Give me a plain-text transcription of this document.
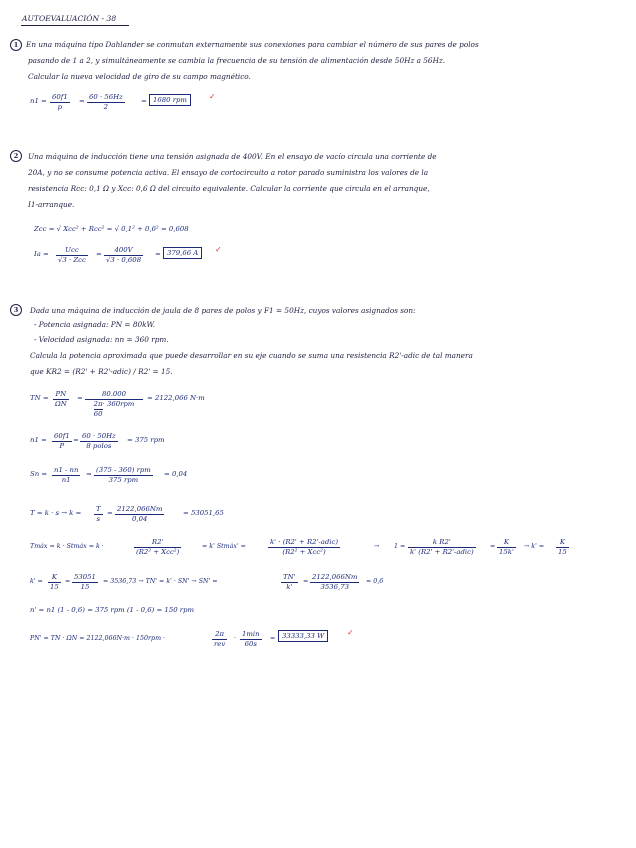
AUTOEVALUACIÓN - 38
1	En una máquina tipo Dahlander se conmutan externamente sus conexiones para cambiar el número de sus pares de polos
pasando de 1 a 2, y simultáneamente se cambia la frecuencia de su tensión de alimentación desde 50Hz a 56Hz.
Calcular la nueva velocidad de giro de su campo magnético.
$n1 = \frac{60f1}{p} = \frac{60 \cdot 56Hz}{2} = 1680$ rpm	✓
2	Una máquina de inducción tiene una tensión asignada de 400V. En el ensayo de vacío circula una corriente de
20A, y no se consume potencia activa. El ensayo de cortocircuito a rotor parado suministra los valores de la
resistencia Rcc: 0,1 Ω y Xcc: 0,6 Ω del circuito equivalente. Calcular la corriente que circula en el arranque,
I1-arranque.
Zcc = √ Xcc² + Rcc² = √ 0,1² + 0,6² = 0,608
Ia =	Ucc
√3 · Zcc
= $\frac{400V}{√3 \cdot 0,608} = 379,66$ A	✓
3	Dada una máquina de inducción de jaula de 8 pares de polos y F1 = 50Hz, cuyos valores asignados son:
- Potencia asignada: PN = 80kW.
- Velocidad asignada: nn = 360 rpm.
Calcula la potencia aproximada que puede desarrollar en su eje cuando se suma una resistencia R2'-adic de tal manera
que KR2 = (R2' + R2'-adic) / R2' = 15.
TN = $\frac{PN}{\Omega N}$ =	80.000
$\frac{2\pi}{60} \cdot 360rpm$
= 2122,066 N·m
$n1 = \frac{60f1}{P} = 60 \cdot 50Hz$
8 polos
= 375 rpm
$Sn = \frac{n1 - nn}{n1} = (375 - 360)$ rpm
375 rpm
= 0,04
$T = k \cdot s \to k = \frac{T}{s} = \frac{2122,066Nm}{0,04}$	= 53051,65
Tmáx = k · Stmáx = k ·
R2'
(R2² + Xcc²)
= k' Stmáx' =
k' · (R2' + R2'-adic)
(R2² + Xcc²)
→ 1 =
k R2'
k' (R2' + R2'-adic)
= $\frac{K}{15k'} \to k' = \frac{K}{15}$
$k' = \frac{K}{15} = \frac{53051}{15} = 3536,73 \to TN' = k' \cdot SN' \to SN'$ =	$\frac{TN'}{k'} = \frac{2122,066Nm}{3536,73} = 0,6$
n' = n1 (1 - 0,6) = 375 rpm (1 - 0,6) = 150 rpm
PN' = TN · ΩN = 2122,066N·m · 150rpm ·
2π
rev
·
1min
60s
= 33333,33 W	✓
